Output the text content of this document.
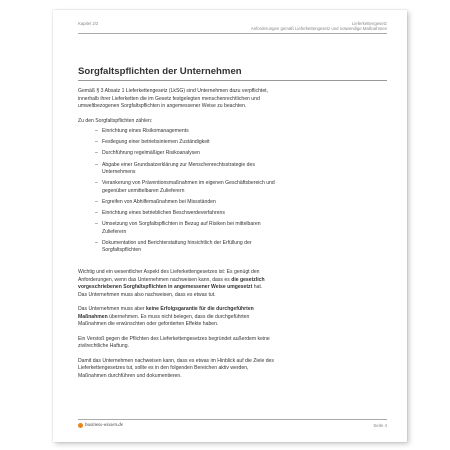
Kapitel 2/2	Lieferkettengesetz
Anforderungen gemäß Lieferkettengesetz und notwendige Maßnahmen
Sorgfaltspflichten der Unternehmen

Gemäß § 3 Absatz 1 Lieferkettengesetz (LkSG) sind Unternehmen dazu verpflichtet,
innerhalb ihrer Lieferketten die im Gesetz festgelegten menschenrechtlichen und
umweltbezogenen Sorgfaltspflichten in angemessener Weise zu beachten.

Zu den Sorgfaltspflichten zählen:

– Einrichtung eines Risikomanagements
– Festlegung einer betriebsinternen Zuständigkeit
– Durchführung regelmäßiger Risikoanalysen
– Abgabe einer Grundsatzerklärung zur Menschenrechtsstrategie des
Unternehmens
– Verankerung von Präventionsmaßnahmen im eigenen Geschäftsbereich und
gegenüber unmittelbaren Zulieferern
– Ergreifen von Abhilfemaßnahmen bei Missständen
– Einrichtung eines betrieblichen Beschwerdeverfahrens
– Umsetzung von Sorgfaltspflichten in Bezug auf Risiken bei mittelbaren
Zulieferern
– Dokumentation und Berichterstattung hinsichtlich der Erfüllung der
Sorgfaltspflichten

Wichtig und ein wesentlicher Aspekt des Lieferkettengesetzes ist: Es genügt den
Anforderungen, wenn das Unternehmen nachweisen kann, dass es die gesetzlich
vorgeschriebenen Sorgfaltspflichten in angemessener Weise umgesetzt hat.
Das Unternehmen muss also nachweisen, dass es etwas tut.

Das Unternehmen muss aber keine Erfolgsgarantie für die durchgeführten
Maßnahmen übernehmen. Es muss nicht belegen, dass die durchgeführten
Maßnahmen die erwünschten oder geforderten Effekte haben.

Ein Verstoß gegen die Pflichten des Lieferkettengesetzes begründet außerdem keine
zivilrechtliche Haftung.

Damit das Unternehmen nachweisen kann, dass es etwas im Hinblick auf die Ziele des
Lieferkettengesetzes tut, sollte es in den folgenden Bereichen aktiv werden,
Maßnahmen durchführen und dokumentieren.

business-wissen.de	Seite 4
